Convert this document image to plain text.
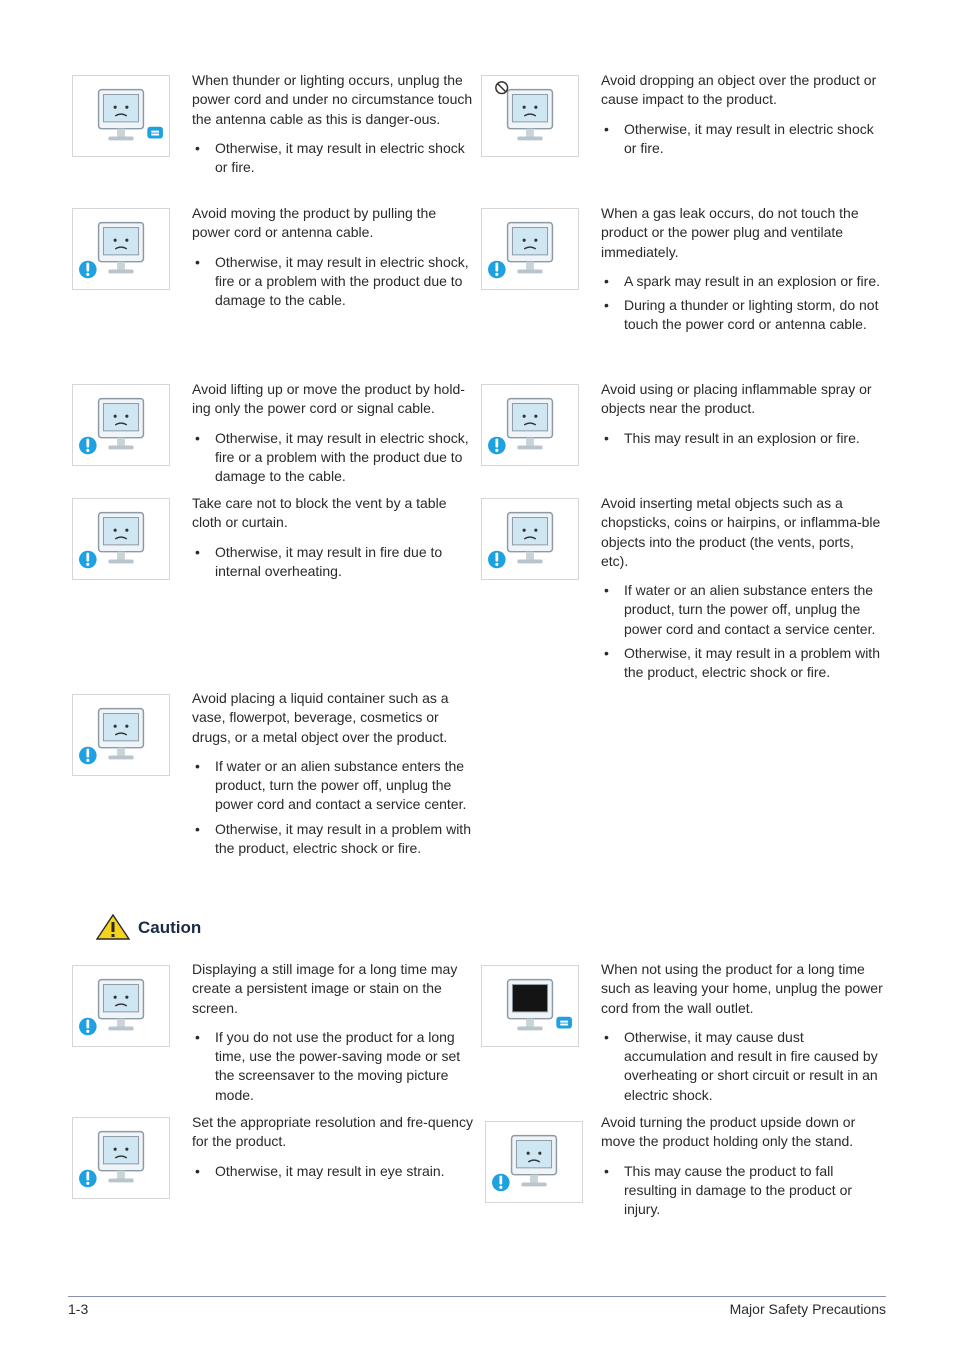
When thunder or lighting occurs, unplug the power cord and under no circumstance touch the antenna cable as this is danger-ous.

• Otherwise, it may result in electric shock or fire.

Avoid dropping an object over the product or cause impact to the product.

• Otherwise, it may result in electric shock or fire.

Avoid moving the product by pulling the power cord or antenna cable.

• Otherwise, it may result in electric shock, fire or a problem with the product due to damage to the cable.

When a gas leak occurs, do not touch the product or the power plug and ventilate immediately.

• A spark may result in an explosion or fire.
• During a thunder or lighting storm, do not touch the power cord or antenna cable.

Avoid lifting up or move the product by hold-ing only the power cord or signal cable.

• Otherwise, it may result in electric shock, fire or a problem with the product due to damage to the cable.

Avoid using or placing inflammable spray or objects near the product.

• This may result in an explosion or fire.

Take care not to block the vent by a table cloth or curtain.

• Otherwise, it may result in fire due to internal overheating.

Avoid inserting metal objects such as a chopsticks, coins or hairpins, or inflamma-ble objects into the product (the vents, ports, etc).

• If water or an alien substance enters the product, turn the power off, unplug the power cord and contact a service center.
• Otherwise, it may result in a problem with the product, electric shock or fire.

Avoid placing a liquid container such as a vase, flowerpot, beverage, cosmetics or drugs, or a metal object over the product.

• If water or an alien substance enters the product, turn the power off, unplug the power cord and contact a service center.
• Otherwise, it may result in a problem with the product, electric shock or fire.
Caution

Displaying a still image for a long time may create a persistent image or stain on the screen.

• If you do not use the product for a long time, use the power-saving mode or set the screensaver to the moving picture mode.

When not using the product for a long time such as leaving your home, unplug the power cord from the wall outlet.

• Otherwise, it may cause dust accumulation and result in fire caused by overheating or short circuit or result in an electric shock.

Set the appropriate resolution and fre-quency for the product.

• Otherwise, it may result in eye strain.

Avoid turning the product upside down or move the product holding only the stand.

• This may cause the product to fall resulting in damage to the product or injury.
1-3	Major Safety Precautions
